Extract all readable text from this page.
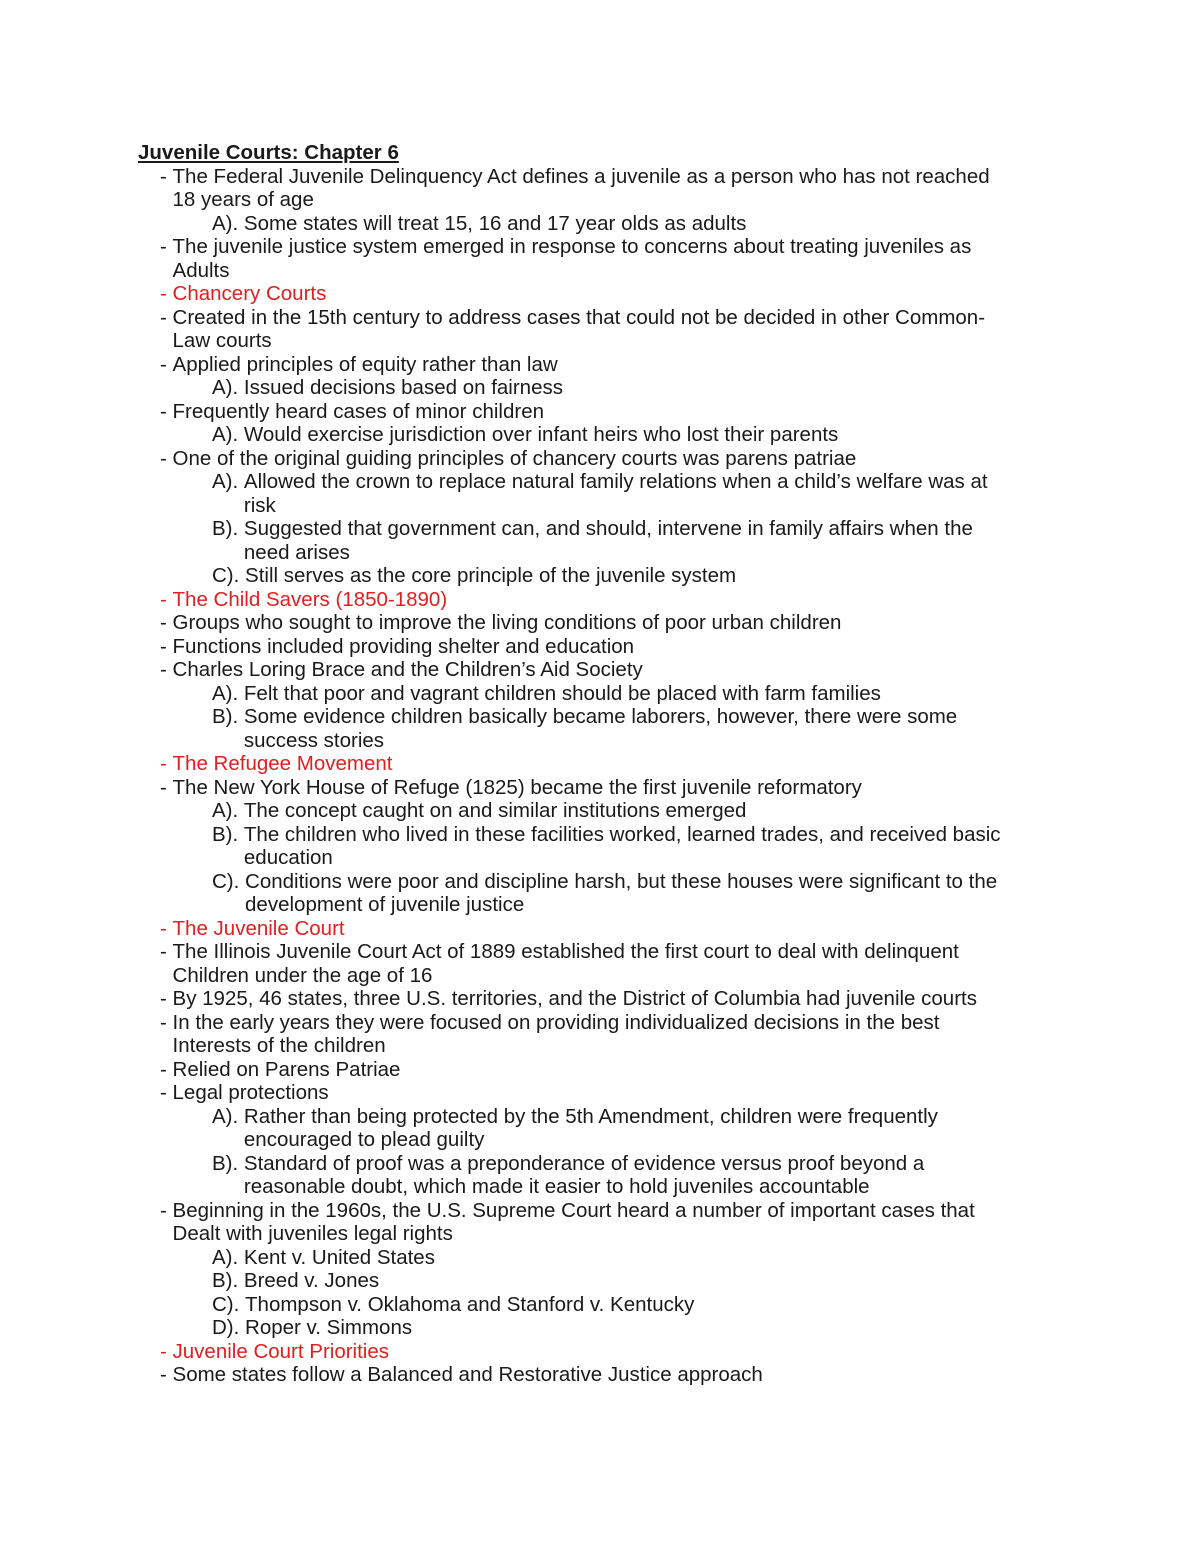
Juvenile Courts: Chapter 6
- The Federal Juvenile Delinquency Act defines a juvenile as a person who has not reached
18 years of age
A). Some states will treat 15, 16 and 17 year olds as adults
- The juvenile justice system emerged in response to concerns about treating juveniles as
Adults
- Chancery Courts
- Created in the 15th century to address cases that could not be decided in other Common-
Law courts
- Applied principles of equity rather than law
A). Issued decisions based on fairness
- Frequently heard cases of minor children
A). Would exercise jurisdiction over infant heirs who lost their parents
- One of the original guiding principles of chancery courts was parens patriae
A). Allowed the crown to replace natural family relations when a child’s welfare was at
risk
B). Suggested that government can, and should, intervene in family affairs when the
need arises
C). Still serves as the core principle of the juvenile system
- The Child Savers (1850-1890)
- Groups who sought to improve the living conditions of poor urban children
- Functions included providing shelter and education
- Charles Loring Brace and the Children’s Aid Society
A). Felt that poor and vagrant children should be placed with farm families
B). Some evidence children basically became laborers, however, there were some
success stories
- The Refugee Movement
- The New York House of Refuge (1825) became the first juvenile reformatory
A). The concept caught on and similar institutions emerged
B). The children who lived in these facilities worked, learned trades, and received basic
education
C). Conditions were poor and discipline harsh, but these houses were significant to the
development of juvenile justice
- The Juvenile Court
- The Illinois Juvenile Court Act of 1889 established the first court to deal with delinquent
Children under the age of 16
- By 1925, 46 states, three U.S. territories, and the District of Columbia had juvenile courts
- In the early years they were focused on providing individualized decisions in the best
Interests of the children
- Relied on Parens Patriae
- Legal protections
A). Rather than being protected by the 5th Amendment, children were frequently
encouraged to plead guilty
B). Standard of proof was a preponderance of evidence versus proof beyond a
reasonable doubt, which made it easier to hold juveniles accountable
- Beginning in the 1960s, the U.S. Supreme Court heard a number of important cases that
Dealt with juveniles legal rights
A). Kent v. United States
B). Breed v. Jones
C). Thompson v. Oklahoma and Stanford v. Kentucky
D). Roper v. Simmons
- Juvenile Court Priorities
- Some states follow a Balanced and Restorative Justice approach
